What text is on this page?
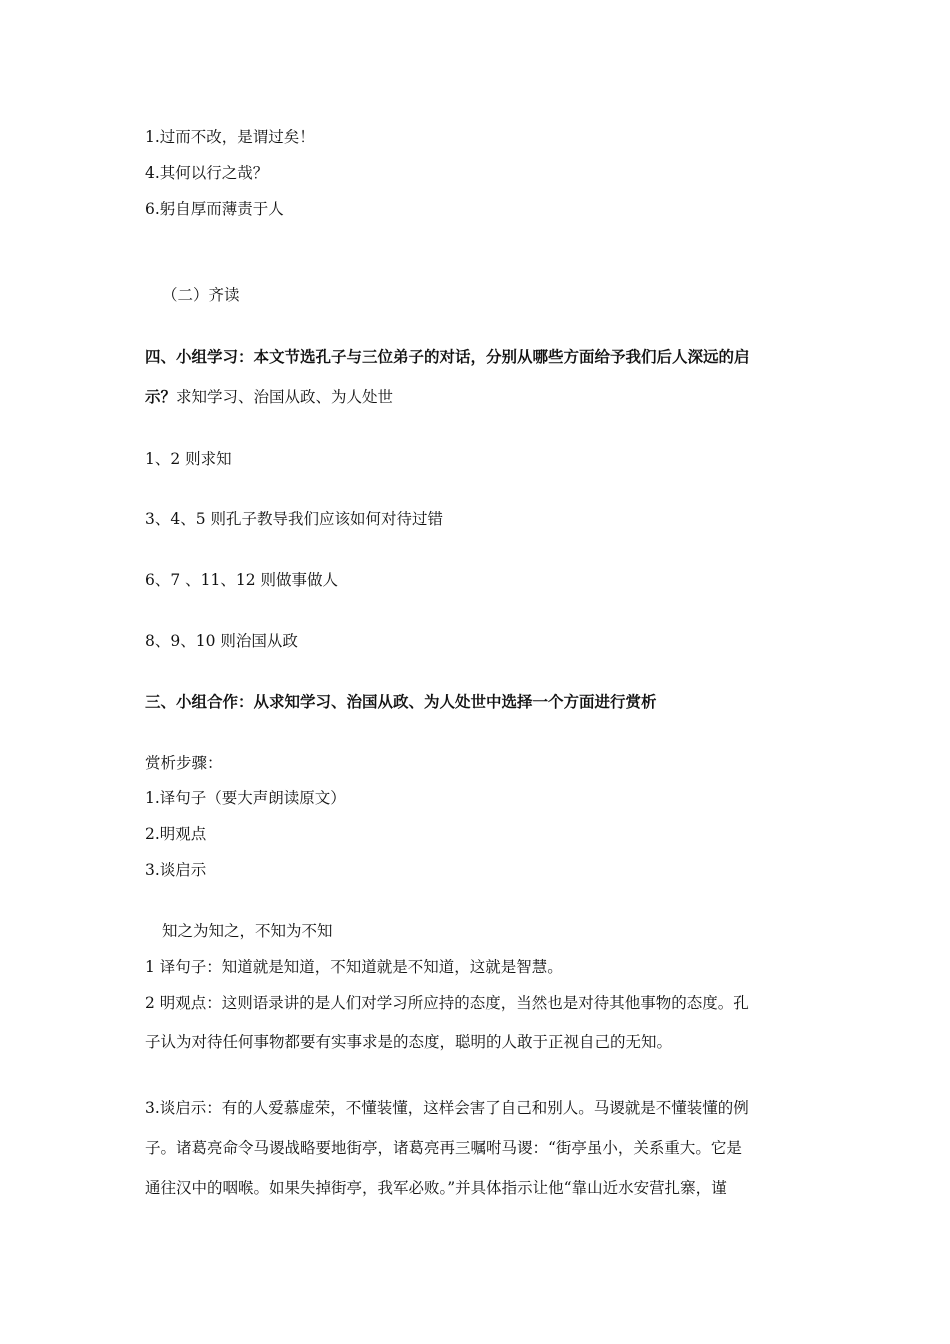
1.过而不改，是谓过矣！
4.其何以行之哉？
6.躬自厚而薄责于人
（二）齐读
四、小组学习：本文节选孔子与三位弟子的对话，分别从哪些方面给予我们后人深远的启
示？求知学习、治国从政、为人处世
1、2 则求知
3、4、5 则孔子教导我们应该如何对待过错
6、7 、11、12 则做事做人
8、9、10 则治国从政
三、小组合作：从求知学习、治国从政、为人处世中选择一个方面进行赏析
赏析步骤：
1.译句子（要大声朗读原文）
2.明观点
3.谈启示
知之为知之，不知为不知
1 译句子：知道就是知道，不知道就是不知道，这就是智慧。
2 明观点：这则语录讲的是人们对学习所应持的态度，当然也是对待其他事物的态度。孔
子认为对待任何事物都要有实事求是的态度，聪明的人敢于正视自己的无知。
3.谈启示：有的人爱慕虚荣，不懂装懂，这样会害了自己和别人。马谡就是不懂装懂的例
子。诸葛亮命令马谡战略要地街亭，诸葛亮再三嘱咐马谡：“街亭虽小，关系重大。它是
通往汉中的咽喉。如果失掉街亭，我军必败。”并具体指示让他“靠山近水安营扎寨，谨
